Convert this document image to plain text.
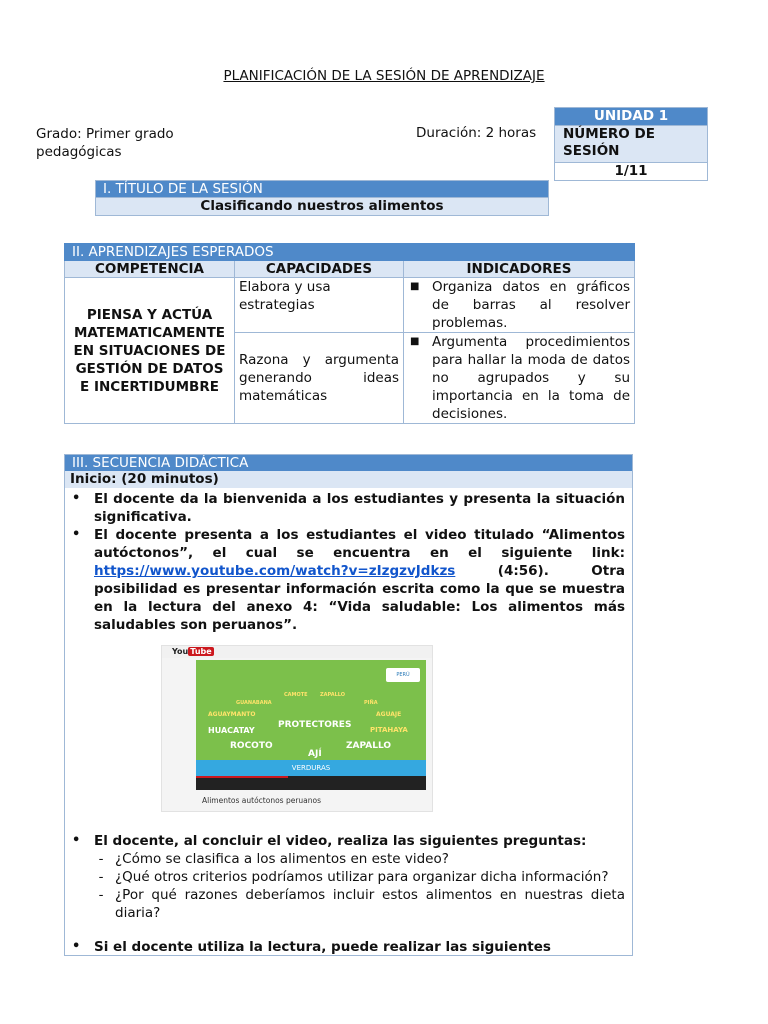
PLANIFICACIÓN DE LA SESIÓN DE APRENDIZAJE
Grado: Primer grado
pedagógicas
Duración: 2 horas
UNIDAD 1
NÚMERO DE SESIÓN
1/11
I. TÍTULO DE LA SESIÓN
Clasificando nuestros alimentos
II. APRENDIZAJES ESPERADOS		

COMPETENCIA	CAPACIDADES	INDICADORES
PIENSA Y ACTÚA MATEMATICAMENTE EN SITUACIONES DE GESTIÓN DE DATOS E INCERTIDUMBRE	Elabora y usa estrategias	■ Organiza datos en gráficos de barras al resolver problemas.

	Razona y argumenta generando ideas matemáticas	■ Argumenta procedimientos para hallar la moda de datos no agrupados y su importancia en la toma de decisiones.
III. SECUENCIA DIDÁCTICA
Inicio: (20 minutos)
•	El docente da la bienvenida a los estudiantes y presenta la situación significativa.
•	El docente presenta a los estudiantes el video titulado “Alimentos autóctonos”, el cual se encuentra en el siguiente link: https://www.youtube.com/watch?v=zIzgzvJdkzs	(4:56). Otra posibilidad es presentar información escrita como la que se muestra en la lectura del anexo 4: “Vida saludable: Los alimentos más saludables son peruanos”.
You Tube
PERÚ
CAMOTE ZAPALLO
GUANABANA	PIÑA
AGUAYMANTO	AGUAJE
HUACATAY
PROTECTORES	PITAHAYA
ROCOTO	ZAPALLO
AJÍ
VERDURAS
Alimentos autóctonos peruanos
•	El docente, al concluir el video, realiza las siguientes preguntas:
- ¿Cómo se clasifica a los alimentos en este video?
- ¿Qué otros criterios podríamos utilizar para organizar dicha información?
- ¿Por qué razones deberíamos incluir estos alimentos en nuestras dieta diaria?
•	Si el docente utiliza la lectura, puede realizar las siguientes
